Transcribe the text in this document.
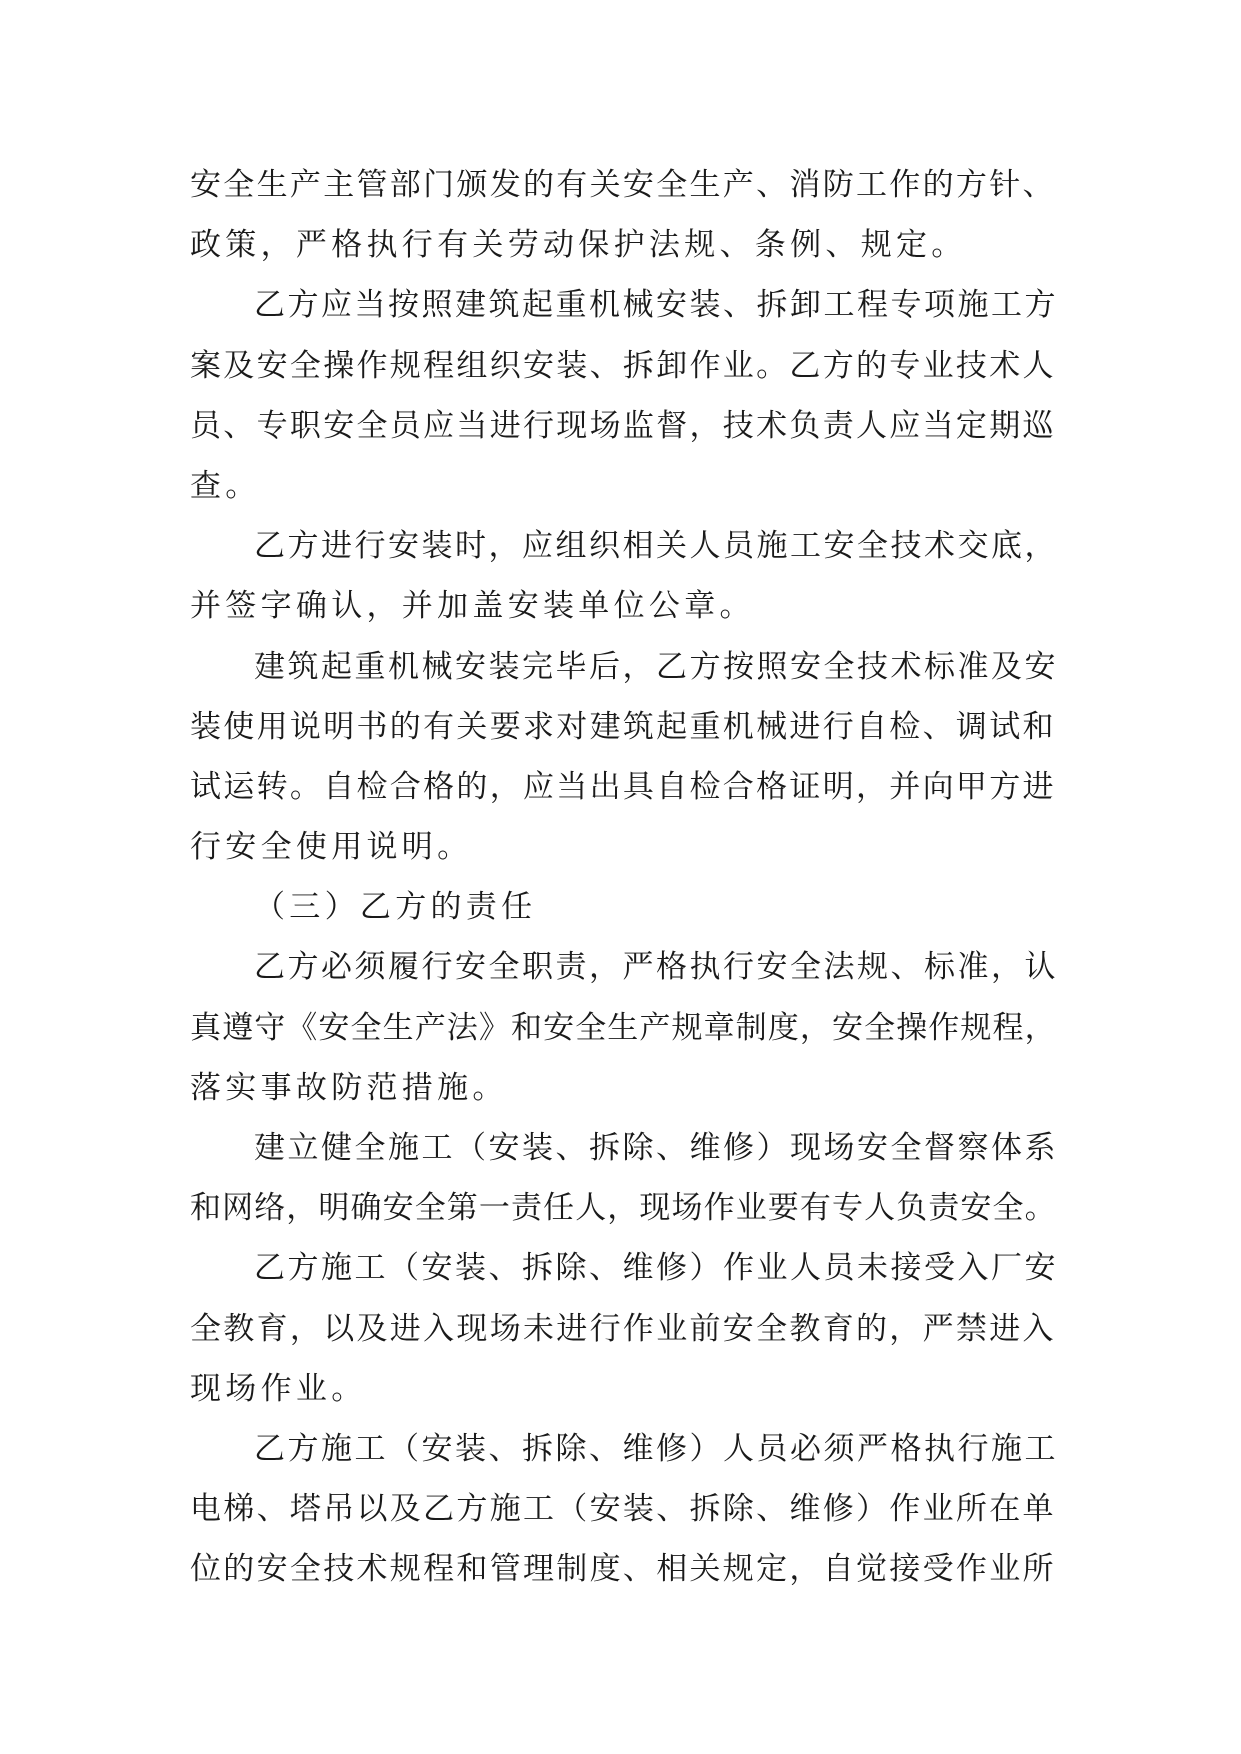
安全生产主管部门颁发的有关安全生产、消防工作的方针、
政策，严格执行有关劳动保护法规、条例、规定。
乙方应当按照建筑起重机械安装、拆卸工程专项施工方
案及安全操作规程组织安装、拆卸作业。乙方的专业技术人
员、专职安全员应当进行现场监督，技术负责人应当定期巡
查。
乙方进行安装时，应组织相关人员施工安全技术交底，
并签字确认，并加盖安装单位公章。
建筑起重机械安装完毕后，乙方按照安全技术标准及安
装使用说明书的有关要求对建筑起重机械进行自检、调试和
试运转。自检合格的，应当出具自检合格证明，并向甲方进
行安全使用说明。
（三）乙方的责任
乙方必须履行安全职责，严格执行安全法规、标准，认
真遵守《安全生产法》和安全生产规章制度，安全操作规程，
落实事故防范措施。
建立健全施工（安装、拆除、维修）现场安全督察体系
和网络，明确安全第一责任人，现场作业要有专人负责安全。
乙方施工（安装、拆除、维修）作业人员未接受入厂安
全教育，以及进入现场未进行作业前安全教育的，严禁进入
现场作业。
乙方施工（安装、拆除、维修）人员必须严格执行施工
电梯、塔吊以及乙方施工（安装、拆除、维修）作业所在单
位的安全技术规程和管理制度、相关规定，自觉接受作业所
